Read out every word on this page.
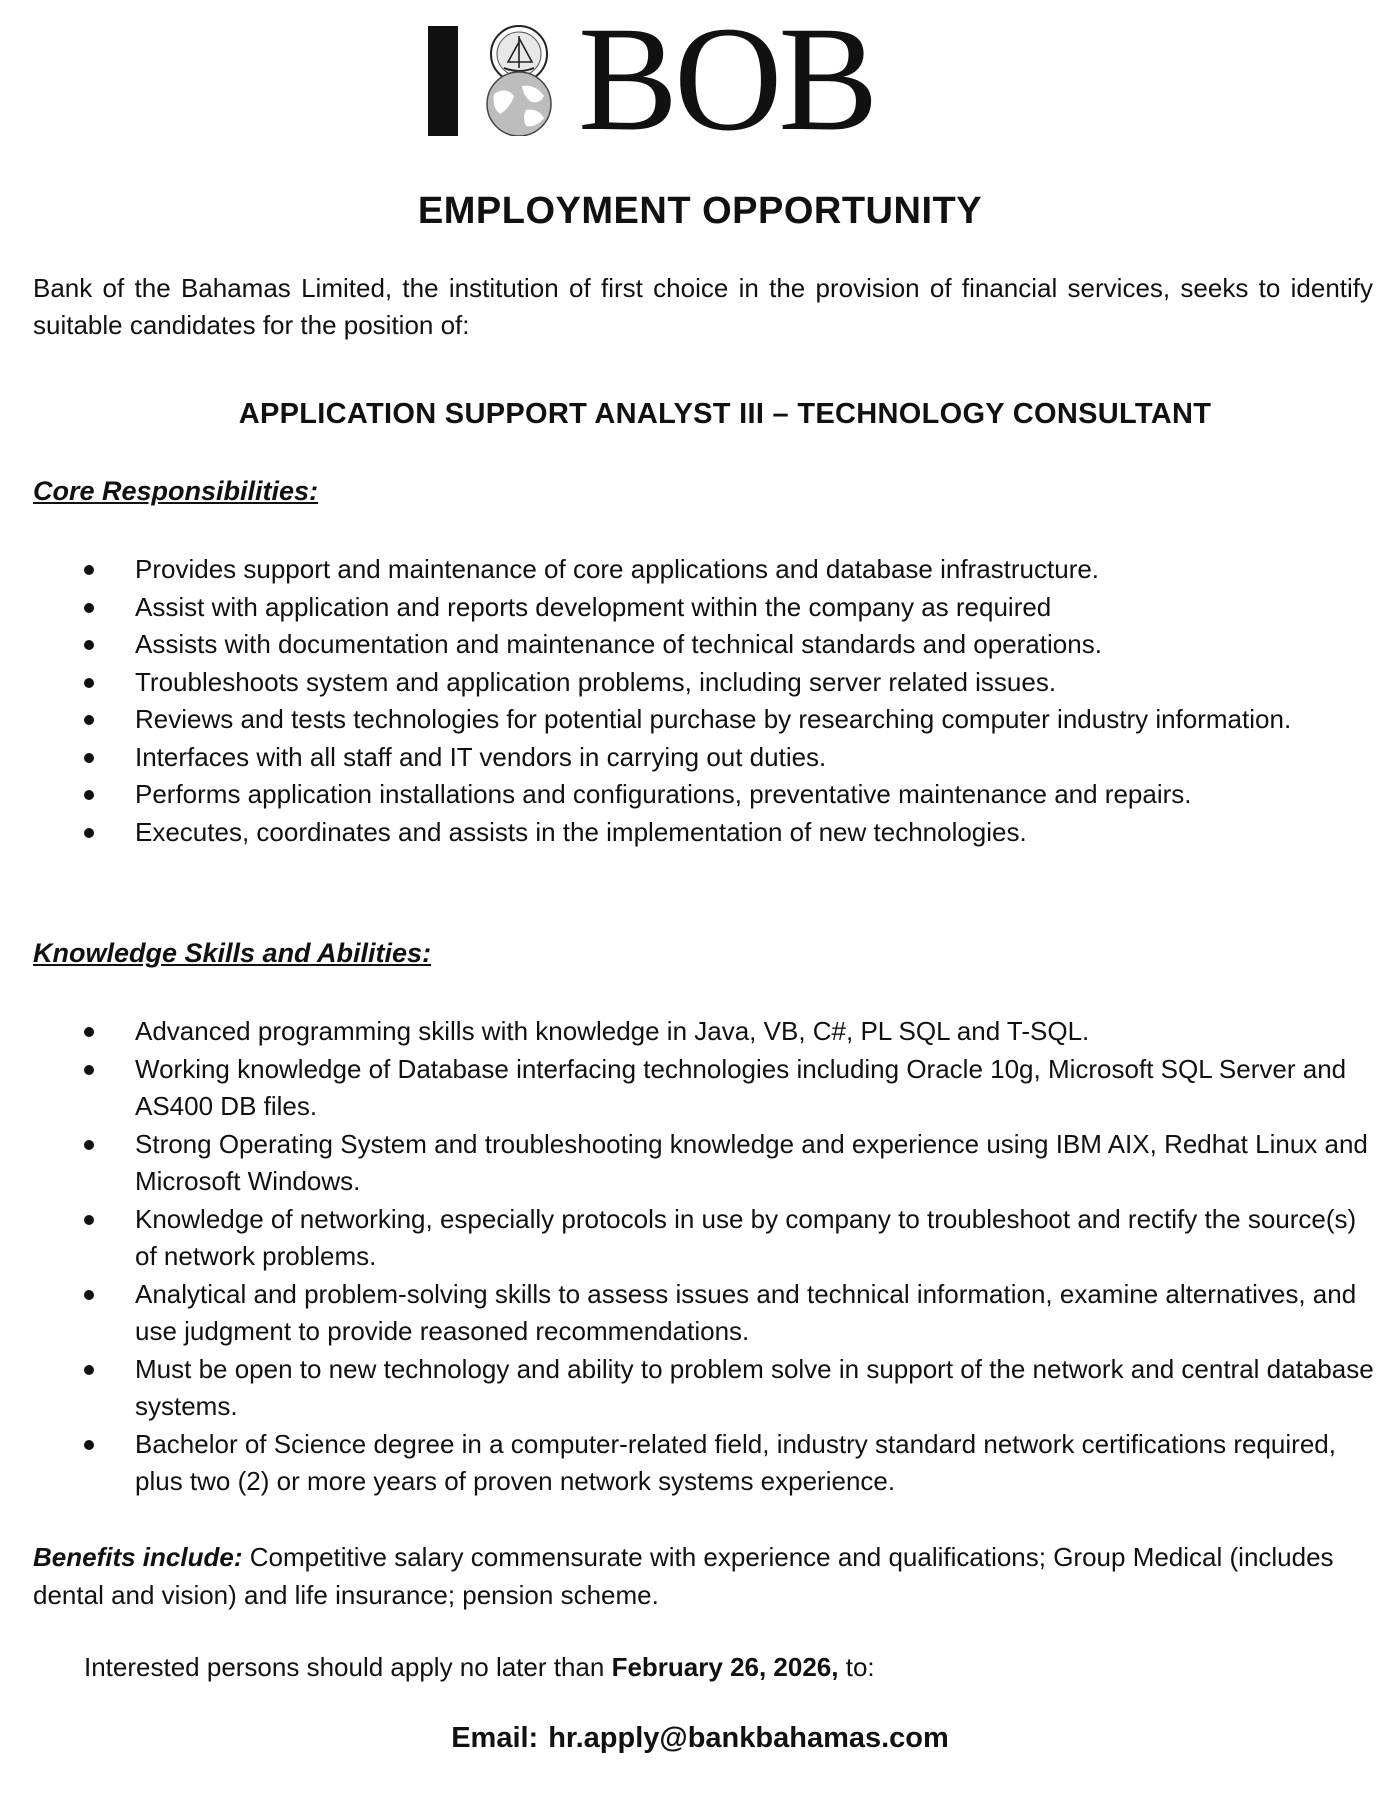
BOB
EMPLOYMENT OPPORTUNITY
Bank of the Bahamas Limited, the institution of first choice in the provision of financial services, seeks to identify suitable candidates for the position of:
APPLICATION SUPPORT ANALYST III – TECHNOLOGY CONSULTANT
Core Responsibilities:
Provides support and maintenance of core applications and database infrastructure.
Assist with application and reports development within the company as required
Assists with documentation and maintenance of technical standards and operations.
Troubleshoots system and application problems, including server related issues.
Reviews and tests technologies for potential purchase by researching computer industry information.
Interfaces with all staff and IT vendors in carrying out duties.
Performs application installations and configurations, preventative maintenance and repairs.
Executes, coordinates and assists in the implementation of new technologies.
Knowledge Skills and Abilities:
Advanced programming skills with knowledge in Java, VB, C#, PL SQL and T-SQL.
Working knowledge of Database interfacing technologies including Oracle 10g, Microsoft SQL Server and AS400 DB files.
Strong Operating System and troubleshooting knowledge and experience using IBM AIX, Redhat Linux and Microsoft Windows.
Knowledge of networking, especially protocols in use by company to troubleshoot and rectify the source(s) of network problems.
Analytical and problem-solving skills to assess issues and technical information, examine alternatives, and use judgment to provide reasoned recommendations.
Must be open to new technology and ability to problem solve in support of the network and central database systems.
Bachelor of Science degree in a computer-related field, industry standard network certifications required, plus two (2) or more years of proven network systems experience.
Benefits include: Competitive salary commensurate with experience and qualifications; Group Medical (includes dental and vision) and life insurance; pension scheme.
Interested persons should apply no later than February 26, 2026, to:
Email: hr.apply@bankbahamas.com
